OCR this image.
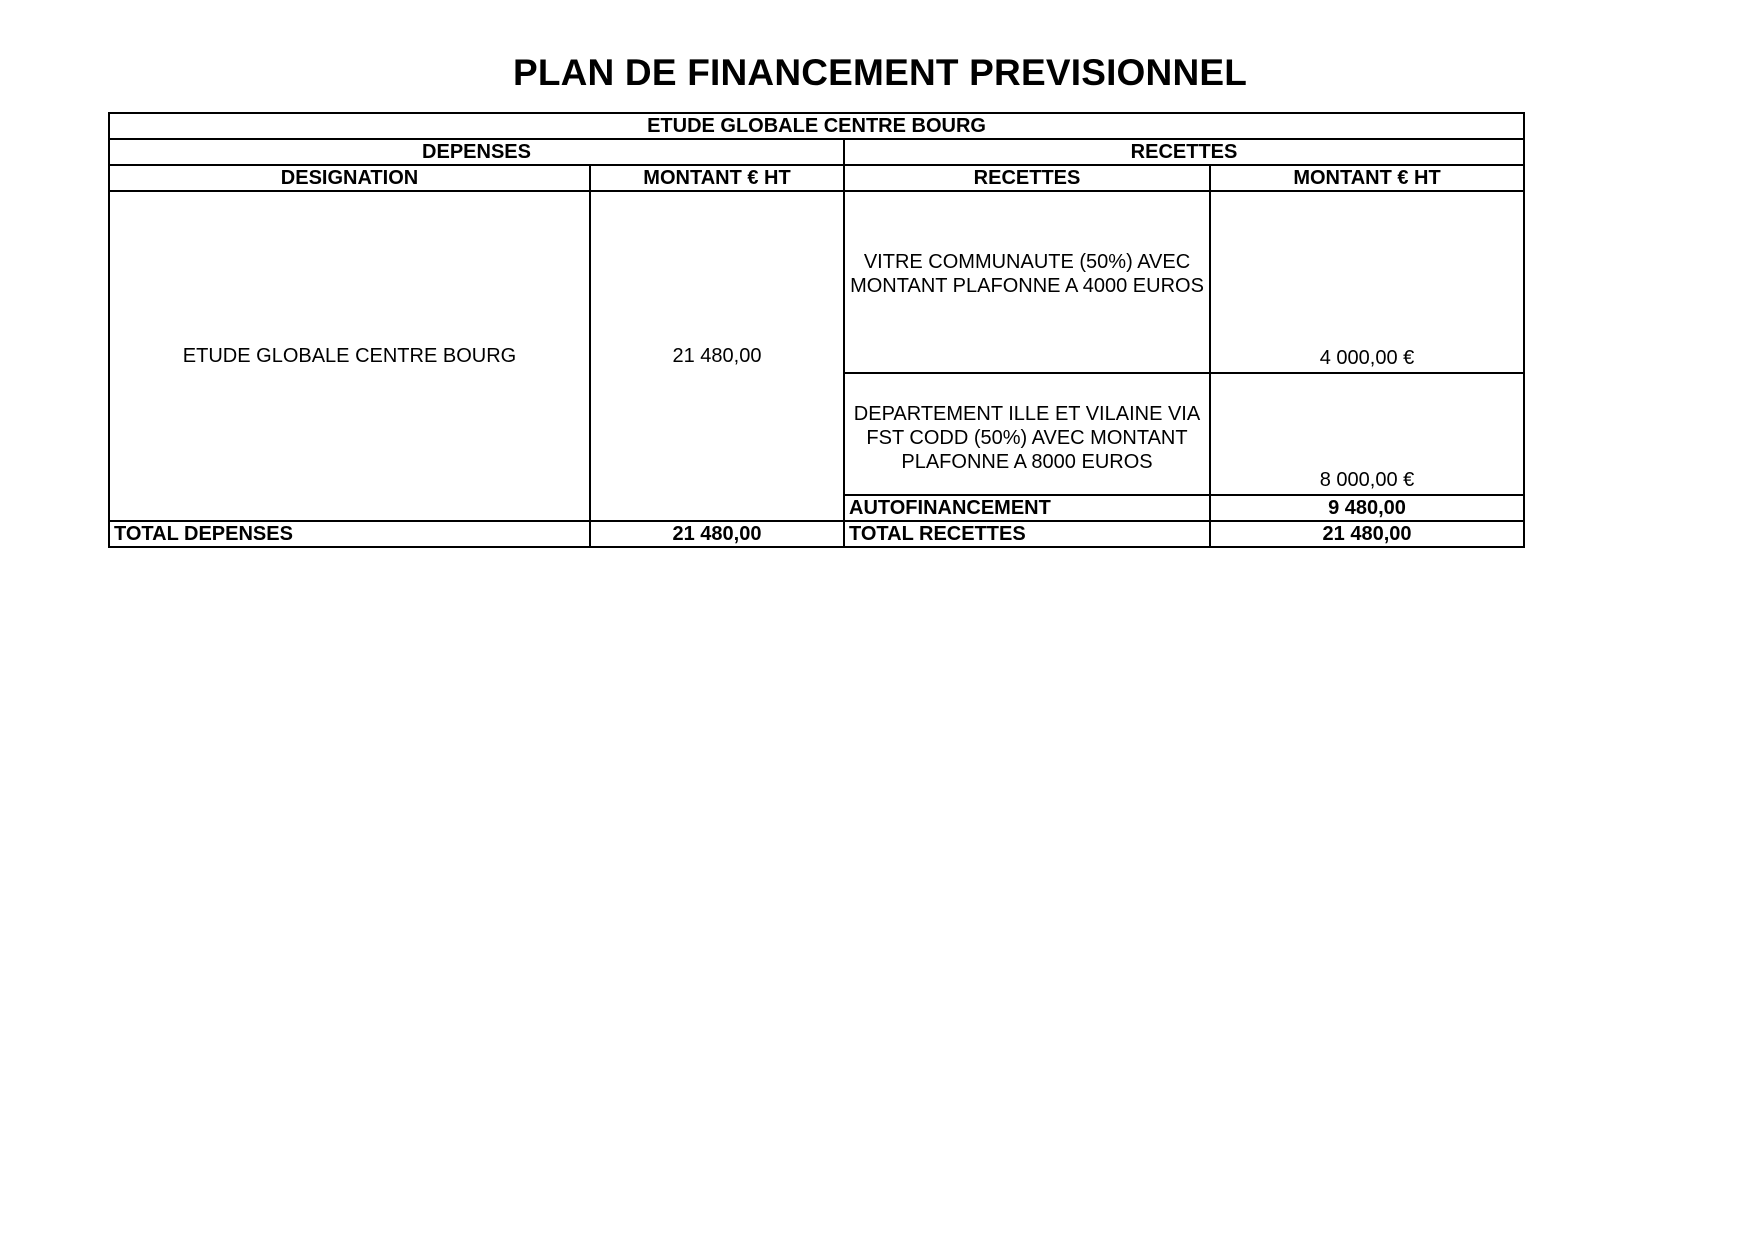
PLAN DE FINANCEMENT PREVISIONNEL
ETUDE GLOBALE CENTRE BOURG			
DEPENSES		RECETTES	
DESIGNATION	MONTANT € HT	RECETTES	MONTANT € HT
ETUDE GLOBALE CENTRE BOURG	21 480,00	VITRE COMMUNAUTE (50%) AVEC MONTANT PLAFONNE A 4000 EUROS	4 000,00 €
		DEPARTEMENT ILLE ET VILAINE VIA FST CODD (50%) AVEC MONTANT PLAFONNE A 8000 EUROS	8 000,00 €
		AUTOFINANCEMENT	9 480,00
TOTAL DEPENSES	21 480,00	TOTAL RECETTES	21 480,00
